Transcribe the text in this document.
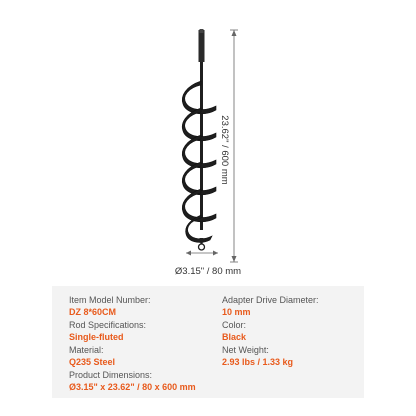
23.62" / 600 mm
Ø3.15" / 80 mm
Item Model Number:
DZ 8*60CM
Rod Specifications:
Single-fluted
Material:
Q235 Steel
Product Dimensions:
Ø3.15" x 23.62" / 80 x 600 mm
Adapter Drive Diameter:
10 mm
Color:
Black
Net Weight:
2.93 lbs / 1.33 kg
